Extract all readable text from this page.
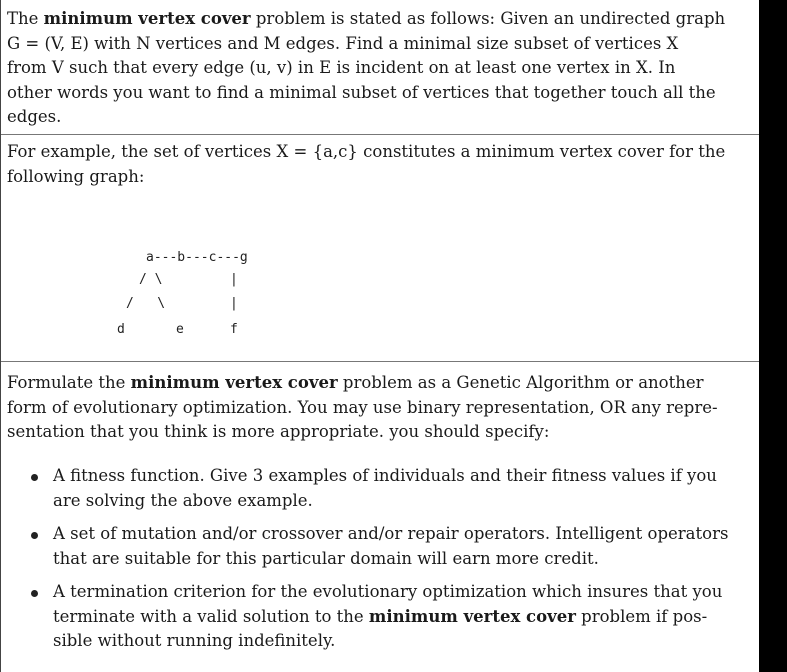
The minimum vertex cover problem is stated as follows: Given an undirected graph
G = (V, E) with N vertices and M edges. Find a minimal size subset of vertices X
from V such that every edge (u, v) in E is incident on at least one vertex in X. In
other words you want to find a minimal subset of vertices that together touch all the
edges.
For example, the set of vertices X = {a,c} constitutes a minimum vertex cover for the
following graph:
a---b---c---g
/ \	|
/   \	|
d	e	f
Formulate the minimum vertex cover problem as a Genetic Algorithm or another
form of evolutionary optimization. You may use binary representation, OR any repre-
sentation that you think is more appropriate. you should specify:
A fitness function. Give 3 examples of individuals and their fitness values if you
are solving the above example.
A set of mutation and/or crossover and/or repair operators. Intelligent operators
that are suitable for this particular domain will earn more credit.
A termination criterion for the evolutionary optimization which insures that you
terminate with a valid solution to the minimum vertex cover problem if pos-
sible without running indefinitely.
